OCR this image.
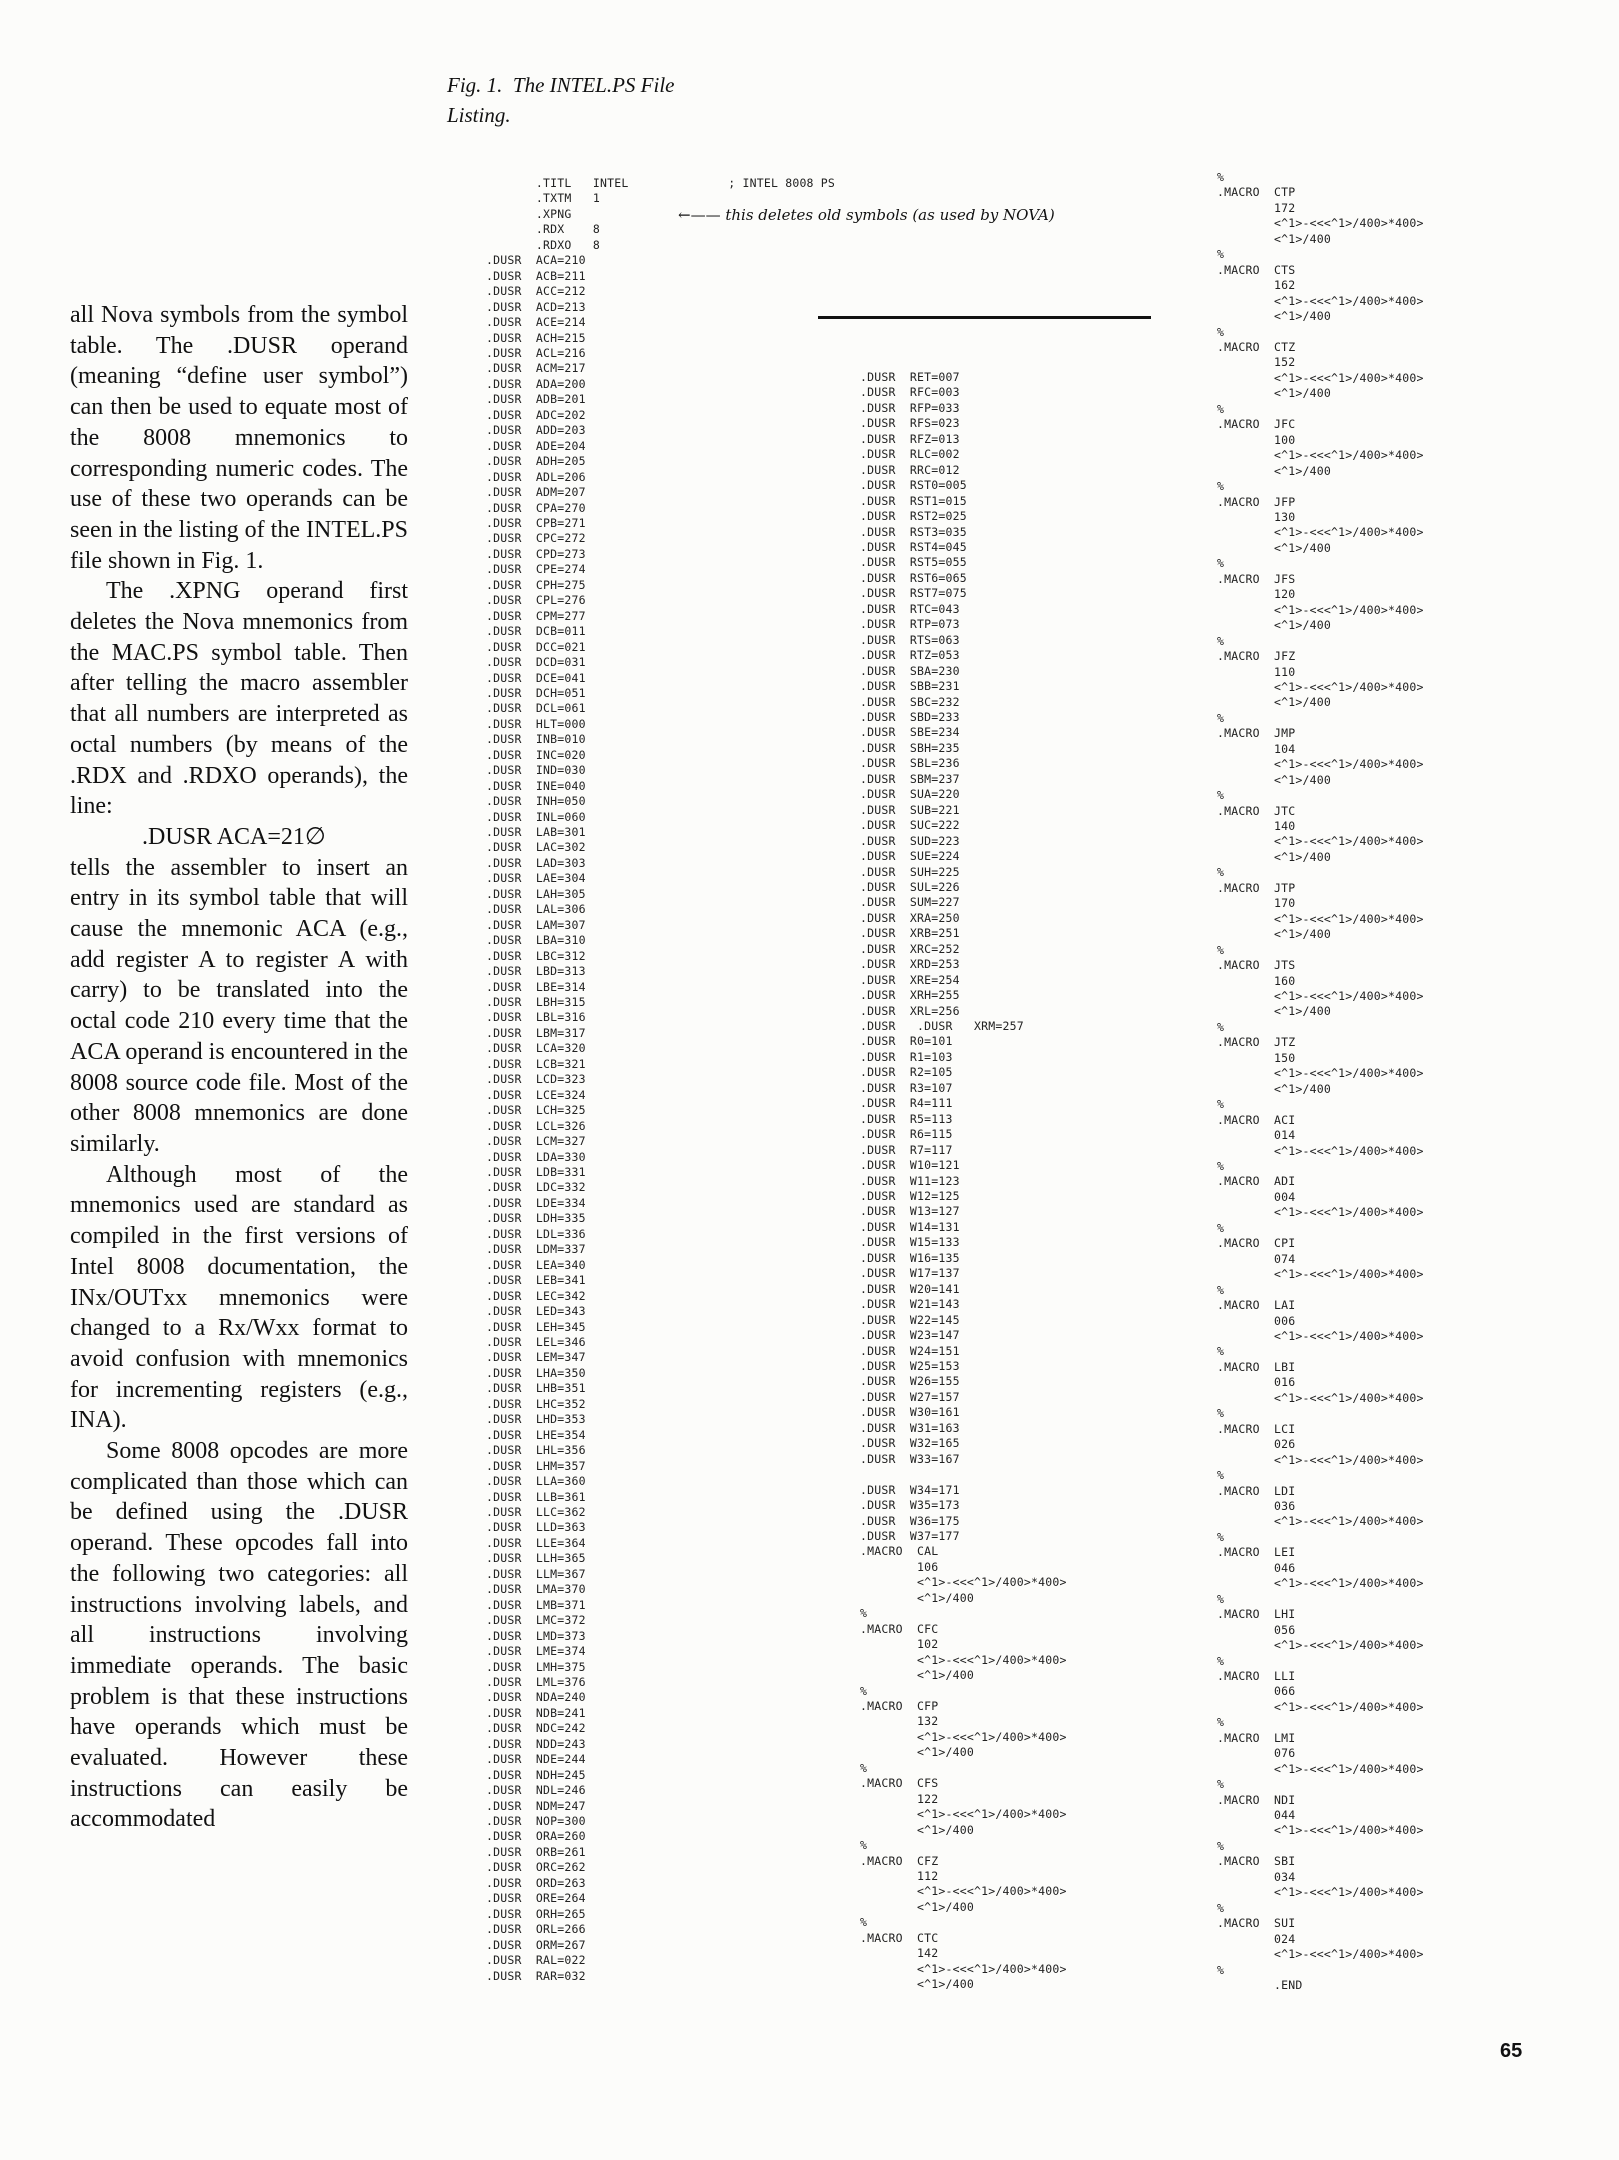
Fig. 1. The INTEL.PS File
Listing.

all Nova symbols from the symbol table. The .DUSR operand (meaning “define user symbol”) can then be used to equate most of the 8008 mnemonics to corresponding numeric codes. The use of these two operands can be seen in the listing of the INTEL.PS file shown in Fig. 1.

The .XPNG operand first deletes the Nova mnemonics from the MAC.PS symbol table. Then after telling the macro assembler that all numbers are interpreted as octal numbers (by means of the .RDX and .RDXO operands), the line:

.DUSR ACA=21∅

tells the assembler to insert an entry in its symbol table that will cause the mnemonic ACA (e.g., add register A to register A with carry) to be translated into the octal code 210 every time that the ACA operand is encountered in the 8008 source code file. Most of the other 8008 mnemonics are done similarly.

Although most of the mnemonics used are standard as compiled in the first versions of Intel 8008 documentation, the INx/OUTxx mnemonics were changed to a Rx/Wxx format to avoid confusion with mnemonics for incrementing registers (e.g., INA).

Some 8008 opcodes are more complicated than those which can be defined using the .DUSR operand. These opcodes fall into the following two categories: all instructions involving labels, and all instructions involving immediate operands. The basic problem is that these instructions have operands which must be evaluated. However these instructions can easily be accommodated

.TITL   INTEL              ; INTEL 8008 PS
.TXTM   1
.XPNG
.RDX    8
.RDXO   8
.DUSR  ACA=210
.DUSR  ACB=211
.DUSR  ACC=212
.DUSR  ACD=213
.DUSR  ACE=214
.DUSR  ACH=215
.DUSR  ACL=216
.DUSR  ACM=217
.DUSR  ADA=200
.DUSR  ADB=201
.DUSR  ADC=202
.DUSR  ADD=203
.DUSR  ADE=204
.DUSR  ADH=205
.DUSR  ADL=206
.DUSR  ADM=207
.DUSR  CPA=270
.DUSR  CPB=271
.DUSR  CPC=272
.DUSR  CPD=273
.DUSR  CPE=274
.DUSR  CPH=275
.DUSR  CPL=276
.DUSR  CPM=277
.DUSR  DCB=011
.DUSR  DCC=021
.DUSR  DCD=031
.DUSR  DCE=041
.DUSR  DCH=051
.DUSR  DCL=061
.DUSR  HLT=000
.DUSR  INB=010
.DUSR  INC=020
.DUSR  IND=030
.DUSR  INE=040
.DUSR  INH=050
.DUSR  INL=060
.DUSR  LAB=301
.DUSR  LAC=302
.DUSR  LAD=303
.DUSR  LAE=304
.DUSR  LAH=305
.DUSR  LAL=306
.DUSR  LAM=307
.DUSR  LBA=310
.DUSR  LBC=312
.DUSR  LBD=313
.DUSR  LBE=314
.DUSR  LBH=315
.DUSR  LBL=316
.DUSR  LBM=317
.DUSR  LCA=320
.DUSR  LCB=321
.DUSR  LCD=323
.DUSR  LCE=324
.DUSR  LCH=325
.DUSR  LCL=326
.DUSR  LCM=327
.DUSR  LDA=330
.DUSR  LDB=331
.DUSR  LDC=332
.DUSR  LDE=334
.DUSR  LDH=335
.DUSR  LDL=336
.DUSR  LDM=337
.DUSR  LEA=340
.DUSR  LEB=341
.DUSR  LEC=342
.DUSR  LED=343
.DUSR  LEH=345
.DUSR  LEL=346
.DUSR  LEM=347
.DUSR  LHA=350
.DUSR  LHB=351
.DUSR  LHC=352
.DUSR  LHD=353
.DUSR  LHE=354
.DUSR  LHL=356
.DUSR  LHM=357
.DUSR  LLA=360
.DUSR  LLB=361
.DUSR  LLC=362
.DUSR  LLD=363
.DUSR  LLE=364
.DUSR  LLH=365
.DUSR  LLM=367
.DUSR  LMA=370
.DUSR  LMB=371
.DUSR  LMC=372
.DUSR  LMD=373
.DUSR  LME=374
.DUSR  LMH=375
.DUSR  LML=376
.DUSR  NDA=240
.DUSR  NDB=241
.DUSR  NDC=242
.DUSR  NDD=243
.DUSR  NDE=244
.DUSR  NDH=245
.DUSR  NDL=246
.DUSR  NDM=247
.DUSR  NOP=300
.DUSR  ORA=260
.DUSR  ORB=261
.DUSR  ORC=262
.DUSR  ORD=263
.DUSR  ORE=264
.DUSR  ORH=265
.DUSR  ORL=266
.DUSR  ORM=267
.DUSR  RAL=022
.DUSR  RAR=032
.DUSR  RET=007
.DUSR  RFC=003
.DUSR  RFP=033
.DUSR  RFS=023
.DUSR  RFZ=013
.DUSR  RLC=002
.DUSR  RRC=012
.DUSR  RST0=005
.DUSR  RST1=015
.DUSR  RST2=025
.DUSR  RST3=035
.DUSR  RST4=045
.DUSR  RST5=055
.DUSR  RST6=065
.DUSR  RST7=075
.DUSR  RTC=043
.DUSR  RTP=073
.DUSR  RTS=063
.DUSR  RTZ=053
.DUSR  SBA=230
.DUSR  SBB=231
.DUSR  SBC=232
.DUSR  SBD=233
.DUSR  SBE=234
.DUSR  SBH=235
.DUSR  SBL=236
.DUSR  SBM=237
.DUSR  SUA=220
.DUSR  SUB=221
.DUSR  SUC=222
.DUSR  SUD=223
.DUSR  SUE=224
.DUSR  SUH=225
.DUSR  SUL=226
.DUSR  SUM=227
.DUSR  XRA=250
.DUSR  XRB=251
.DUSR  XRC=252
.DUSR  XRD=253
.DUSR  XRE=254
.DUSR  XRH=255
.DUSR  XRL=256
.DUSR   .DUSR   XRM=257
.DUSR  R0=101
.DUSR  R1=103
.DUSR  R2=105
.DUSR  R3=107
.DUSR  R4=111
.DUSR  R5=113
.DUSR  R6=115
.DUSR  R7=117
.DUSR  W10=121
.DUSR  W11=123
.DUSR  W12=125
.DUSR  W13=127
.DUSR  W14=131
.DUSR  W15=133
.DUSR  W16=135
.DUSR  W17=137
.DUSR  W20=141
.DUSR  W21=143
.DUSR  W22=145
.DUSR  W23=147
.DUSR  W24=151
.DUSR  W25=153
.DUSR  W26=155
.DUSR  W27=157
.DUSR  W30=161
.DUSR  W31=163
.DUSR  W32=165
.DUSR  W33=167

.DUSR  W34=171
.DUSR  W35=173
.DUSR  W36=175
.DUSR  W37=177
.MACRO  CAL
106
<^1>-<<<^1>/400>*400>
<^1>/400
%
.MACRO  CFC
102
<^1>-<<<^1>/400>*400>
<^1>/400
%
.MACRO  CFP
132
<^1>-<<<^1>/400>*400>
<^1>/400
%
.MACRO  CFS
122
<^1>-<<<^1>/400>*400>
<^1>/400
%
.MACRO  CFZ
112
<^1>-<<<^1>/400>*400>
<^1>/400
%
.MACRO  CTC
142
<^1>-<<<^1>/400>*400>
<^1>/400
%
.MACRO  CTP
172
<^1>-<<<^1>/400>*400>
<^1>/400
%
.MACRO  CTS
162
<^1>-<<<^1>/400>*400>
<^1>/400
%
.MACRO  CTZ
152
<^1>-<<<^1>/400>*400>
<^1>/400
%
.MACRO  JFC
100
<^1>-<<<^1>/400>*400>
<^1>/400
%
.MACRO  JFP
130
<^1>-<<<^1>/400>*400>
<^1>/400
%
.MACRO  JFS
120
<^1>-<<<^1>/400>*400>
<^1>/400
%
.MACRO  JFZ
110
<^1>-<<<^1>/400>*400>
<^1>/400
%
.MACRO  JMP
104
<^1>-<<<^1>/400>*400>
<^1>/400
%
.MACRO  JTC
140
<^1>-<<<^1>/400>*400>
<^1>/400
%
.MACRO  JTP
170
<^1>-<<<^1>/400>*400>
<^1>/400
%
.MACRO  JTS
160
<^1>-<<<^1>/400>*400>
<^1>/400
%
.MACRO  JTZ
150
<^1>-<<<^1>/400>*400>
<^1>/400
%
.MACRO  ACI
014
<^1>-<<<^1>/400>*400>
%
.MACRO  ADI
004
<^1>-<<<^1>/400>*400>
%
.MACRO  CPI
074
<^1>-<<<^1>/400>*400>
%
.MACRO  LAI
006
<^1>-<<<^1>/400>*400>
%
.MACRO  LBI
016
<^1>-<<<^1>/400>*400>
%
.MACRO  LCI
026
<^1>-<<<^1>/400>*400>
%
.MACRO  LDI
036
<^1>-<<<^1>/400>*400>
%
.MACRO  LEI
046
<^1>-<<<^1>/400>*400>
%
.MACRO  LHI
056
<^1>-<<<^1>/400>*400>
%
.MACRO  LLI
066
<^1>-<<<^1>/400>*400>
%
.MACRO  LMI
076
<^1>-<<<^1>/400>*400>
%
.MACRO  NDI
044
<^1>-<<<^1>/400>*400>
%
.MACRO  SBI
034
<^1>-<<<^1>/400>*400>
%
.MACRO  SUI
024
<^1>-<<<^1>/400>*400>
%
.END
←—— this deletes old symbols (as used by NOVA)
65
